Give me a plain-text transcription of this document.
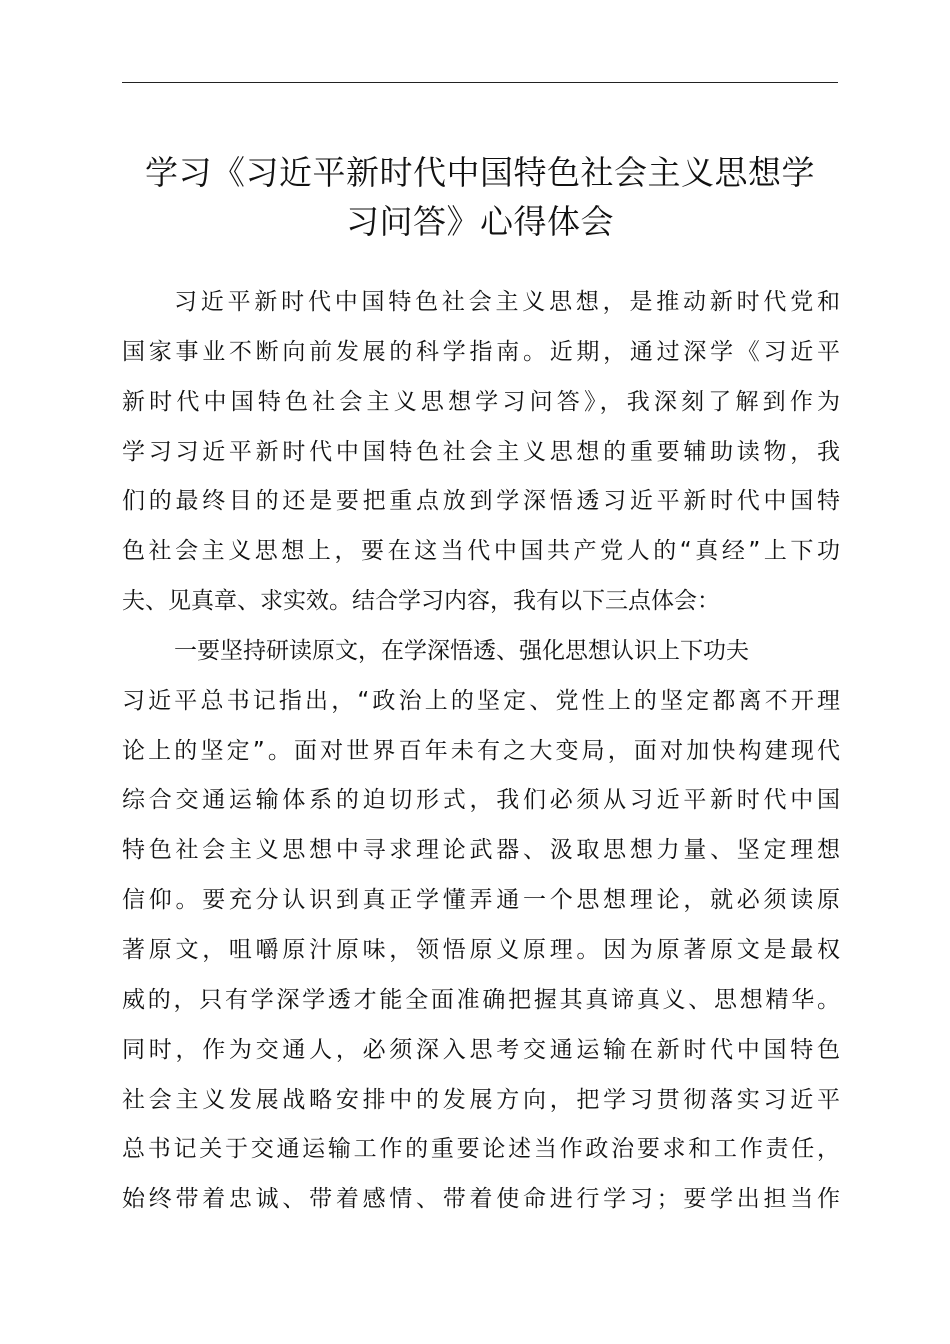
学习《习近平新时代中国特色社会主义思想学
习问答》心得体会
习近平新时代中国特色社会主义思想，是推动新时代党和
国家事业不断向前发展的科学指南。近期，通过深学《习近平
新时代中国特色社会主义思想学习问答》，我深刻了解到作为
学习习近平新时代中国特色社会主义思想的重要辅助读物，我
们的最终目的还是要把重点放到学深悟透习近平新时代中国特
色社会主义思想上，要在这当代中国共产党人的“真经”上下功
夫、见真章、求实效。结合学习内容，我有以下三点体会：
一要坚持研读原文，在学深悟透、强化思想认识上下功夫
习近平总书记指出，“政治上的坚定、党性上的坚定都离不开理
论上的坚定”。面对世界百年未有之大变局，面对加快构建现代
综合交通运输体系的迫切形式，我们必须从习近平新时代中国
特色社会主义思想中寻求理论武器、汲取思想力量、坚定理想
信仰。要充分认识到真正学懂弄通一个思想理论，就必须读原
著原文，咀嚼原汁原味，领悟原义原理。因为原著原文是最权
威的，只有学深学透才能全面准确把握其真谛真义、思想精华。
同时，作为交通人，必须深入思考交通运输在新时代中国特色
社会主义发展战略安排中的发展方向，把学习贯彻落实习近平
总书记关于交通运输工作的重要论述当作政治要求和工作责任，
始终带着忠诚、带着感情、带着使命进行学习；要学出担当作
